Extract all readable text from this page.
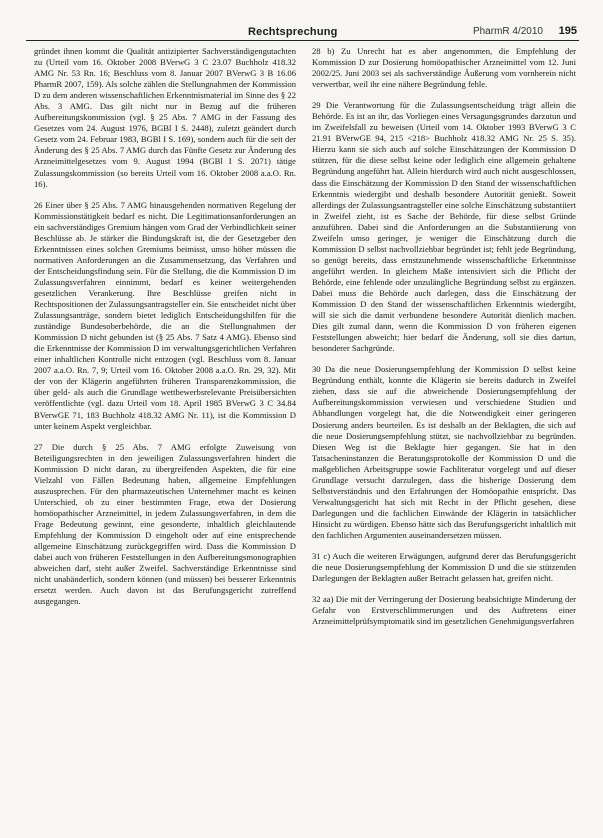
Rechtsprechung	PharmR 4/2010 195

gründet ihnen kommt die Qualität antizipierter Sachverständigengutachten zu (Urteil vom 16. Oktober 2008 BVerwG 3 C 23.07 Buchholz 418.32 AMG Nr. 53 Rn. 16; Beschluss vom 8. Januar 2007 BVerwG 3 B 16.06 PharmR 2007, 159). Als solche zählen die Stellungnahmen der Kommission D zu dem anderen wissenschaftlichen Erkenntnismaterial im Sinne des § 22 Abs. 3 AMG. Das gilt nicht nur in Bezug auf die früheren Aufbereitungskommission (vgl. § 25 Abs. 7 AMG in der Fassung des Gesetzes vom 24. August 1976, BGBl I S. 2448), zuletzt geändert durch Gesetz vom 24. Februar 1983, BGBl I S. 169), sondern auch für die seit der Änderung des § 25 Abs. 7 AMG durch das Fünfte Gesetz zur Änderung des Arzneimittelgesetzes vom 9. August 1994 (BGBl I S. 2071) tätige Zulassungskommission (so bereits Urteil vom 16. Oktober 2008 a.a.O. Rn. 16).

26 Einer über § 25 Abs. 7 AMG hinausgehenden normativen Regelung der Kommissionstätigkeit bedarf es nicht. Die Legitimationsanforderungen an ein sachverständiges Gremium hängen vom Grad der Verbindlichkeit seiner Beschlüsse ab. Je stärker die Bindungskraft ist, die der Gesetzgeber den Erkenntnissen eines solchen Gremiums beimisst, umso höher müssen die normativen Anforderungen an die Zusammensetzung, das Verfahren und der Entscheidungsfindung sein. Für die Stellung, die die Kommission D im Zulassungsverfahren einnimmt, bedarf es keiner weitergehenden gesetzlichen Verankerung. Ihre Beschlüsse greifen nicht in Rechtspositionen der Zulassungsantragsteller ein. Sie entscheidet nicht über Zulassungsanträge, sondern bietet lediglich Entscheidungshilfen für die zuständige Bundesoberbehörde, die an die Stellungnahmen der Kommission D nicht gebunden ist (§ 25 Abs. 7 Satz 4 AMG). Ebenso sind die Erkenntnisse der Kommission D im verwaltungsgerichtlichen Verfahren einer inhaltlichen Kontrolle nicht entzogen (vgl. Beschluss vom 8. Januar 2007 a.a.O. Rn. 7, 9; Urteil vom 16. Oktober 2008 a.a.O. Rn. 29, 32). Mit der von der Klägerin angeführten früheren Transparenzkommission, die über geld- als auch die Grundlage wettbewerbsrelevante Preisübersichten veröffentlichte (vgl. dazu Urteil vom 18. April 1985 BVerwG 3 C 34.84 BVerwGE 71, 183 Buchholz 418.32 AMG Nr. 11), ist die Kommission D unter keinem Aspekt vergleichbar.

27 Die durch § 25 Abs. 7 AMG erfolgte Zuweisung von Beteiligungsrechten in den jeweiligen Zulassungsverfahren hindert die Kommission D nicht daran, zu übergreifenden Aspekten, die für eine Vielzahl von Fällen Bedeutung haben, allgemeine Empfehlungen auszusprechen. Für den pharmazeutischen Unternehmer macht es keinen Unterschied, ob zu einer bestimmten Frage, etwa der Dosierung homöopathischer Arzneimittel, in jedem Zulassungsverfahren, in dem die Frage Bedeutung gewinnt, eine gesonderte, inhaltlich gleichlautende Empfehlung der Kommission D eingeholt oder auf eine entsprechende allgemeine Einschätzung zurückgegriffen wird. Dass die Kommission D dabei auch von früheren Feststellungen in den Aufbereitungsmonographien abweichen darf, steht außer Zweifel. Sachverständige Erkenntnisse sind nicht unabänderlich, sondern können (und müssen) bei besserer Erkenntnis ersetzt werden. Auch davon ist das Berufungsgericht zutreffend ausgegangen.

28 b) Zu Unrecht hat es aber angenommen, die Empfehlung der Kommission D zur Dosierung homöopathischer Arzneimittel vom 12. Juni 2002/25. Juni 2003 sei als sachverständige Äußerung vom vornherein nicht verwertbar, weil ihr eine nähere Begründung fehle.

29 Die Verantwortung für die Zulassungsentscheidung trägt allein die Behörde. Es ist an ihr, das Vorliegen eines Versagungsgrundes darzutun und im Zweifelsfall zu beweisen (Urteil vom 14. Oktober 1993 BVerwG 3 C 21.91 BVerwGE 94, 215 <218> Buchholz 418.32 AMG Nr. 25 S. 35). Hierzu kann sie sich auch auf solche Einschätzungen der Kommission D stützen, für die diese selbst keine oder lediglich eine allgemein gehaltene Begründung angeführt hat. Allein hierdurch wird auch nicht ausgeschlossen, dass die Einschätzung der Kommission D den Stand der wissenschaftlichen Erkenntnis wiedergibt und deshalb besondere Autorität genießt. Soweit allerdings der Zulassungsantragsteller eine solche Einschätzung substantiiert in Zweifel zieht, ist es Sache der Behörde, für diese selbst Gründe anzuführen. Dabei sind die Anforderungen an die Substantiierung von Zweifeln umso geringer, je weniger die Einschätzung durch die Kommission D selbst nachvollziehbar begründet ist; fehlt jede Begründung, so genügt bereits, dass ernstzunehmende wissenschaftliche Erkenntnisse angeführt werden. In gleichem Maße intensiviert sich die Pflicht der Behörde, eine fehlende oder unzulängliche Begründung selbst zu ergänzen. Dabei muss die Behörde auch darlegen, dass die Einschätzung der Kommission D den Stand der wissenschaftlichen Erkenntnis wiedergibt, will sie sich die damit verbundene besondere Autorität dienlich machen. Dies gilt zumal dann, wenn die Kommission D von früheren eigenen Feststellungen abweicht; hier bedarf die Änderung, soll sie dies dartun, besonderer Sachgründe.

30 Da die neue Dosierungsempfehlung der Kommission D selbst keine Begründung enthält, konnte die Klägerin sie bereits dadurch in Zweifel ziehen, dass sie auf die abweichende Dosierungsempfehlung der Aufbereitungskommission verwiesen und verschiedene Studien und Abhandlungen vorgelegt hat, die die Notwendigkeit einer geringeren Dosierung anders beurteilen. Es ist deshalb an der Beklagten, die sich auf die neue Dosierungsempfehlung stützt, sie nachvollziehbar zu begründen. Diesen Weg ist die Beklagte hier gegangen. Sie hat in den Tatsacheninstanzen die Beratungsprotokolle der Kommission D und die maßgeblichen Arbeitsgruppe sowie Fachliteratur vorgelegt und auf dieser Grundlage versucht darzulegen, dass die bisherige Dosierung dem Selbstverständnis und den Erfahrungen der Homöopathie entspricht. Das Verwaltungsgericht hat sich mit Recht in der Pflicht gesehen, diese Darlegungen und die fachlichen Einwände der Klägerin in tatsächlicher Hinsicht zu würdigen. Ebenso hätte sich das Berufungsgericht inhaltlich mit den fachlichen Argumenten auseinandersetzen müssen.

31 c) Auch die weiteren Erwägungen, aufgrund derer das Berufungsgericht die neue Dosierungsempfehlung der Kommission D und die sie stützenden Darlegungen der Beklagten außer Betracht gelassen hat, greifen nicht.

32 aa) Die mit der Verringerung der Dosierung beabsichtigte Minderung der Gefahr von Erstverschlimmerungen und des Auftretens einer Arzneimittelprüfsymptomatik sind im gesetzlichen Genehmigungsverfahren
